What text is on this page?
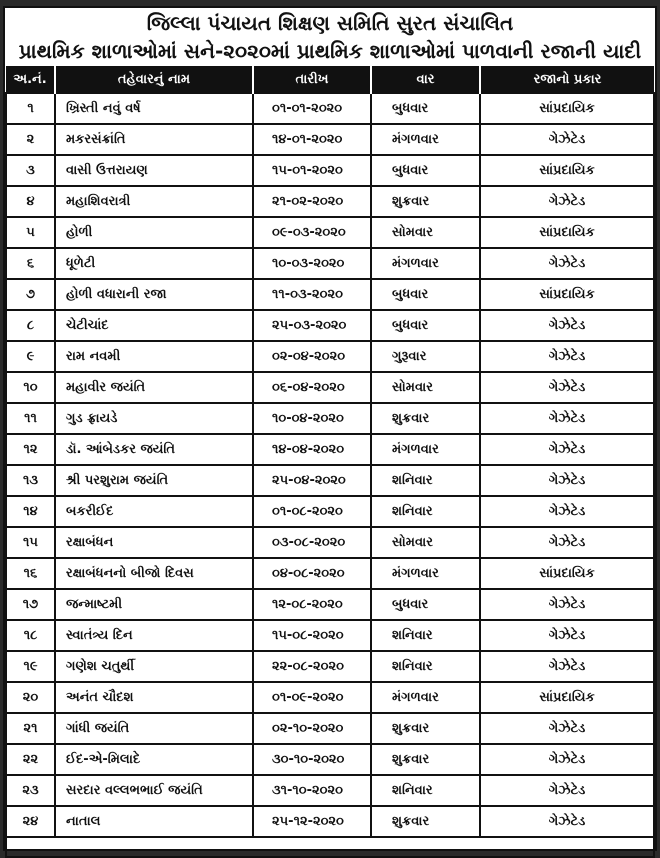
જિલ્લા પંચાયત શિક્ષણ સમિતિ સુરત સંચાલિત
પ્રાથમિક શાળાઓમાં સને-૨૦૨૦માં પ્રાથમિક શાળાઓમાં પાળવાની રજાની યાદી
અ.નં.	તહેવારનું નામ	તારીખ	વાર	રજાનો પ્રકાર
૧	ખ્રિસ્તી નવું વર્ષ	૦૧-૦૧-૨૦૨૦	બુધવાર	સાંપ્રદાયિક
૨	મકરસંક્રાંતિ	૧૪-૦૧-૨૦૨૦	મંગળવાર	ગેઝેટેડ
૩	વાસી ઉત્તરાયણ	૧૫-૦૧-૨૦૨૦	બુધવાર	સાંપ્રદાયિક
૪	મહાશિવરાત્રી	૨૧-૦૨-૨૦૨૦	શુક્રવાર	ગેઝેટેડ
૫	હોળી	૦૯-૦૩-૨૦૨૦	સોમવાર	સાંપ્રદાયિક
૬	ધૂળેટી	૧૦-૦૩-૨૦૨૦	મંગળવાર	ગેઝેટેડ
૭	હોળી વધારાની રજા	૧૧-૦૩-૨૦૨૦	બુધવાર	સાંપ્રદાયિક
૮	ચેટીચાંદ	૨૫-૦૩-૨૦૨૦	બુધવાર	ગેઝેટેડ
૯	રામ નવમી	૦૨-૦૪-૨૦૨૦	ગુરૂવાર	ગેઝેટેડ
૧૦	મહાવીર જયંતિ	૦૬-૦૪-૨૦૨૦	સોમવાર	ગેઝેટેડ
૧૧	ગુડ ફ્રાયડે	૧૦-૦૪-૨૦૨૦	શુક્રવાર	ગેઝેટેડ
૧૨	ડૉ. આંબેડકર જયંતિ	૧૪-૦૪-૨૦૨૦	મંગળવાર	ગેઝેટેડ
૧૩	શ્રી પરશુરામ જયંતિ	૨૫-૦૪-૨૦૨૦	શનિવાર	ગેઝેટેડ
૧૪	બકરીઈદ	૦૧-૦૮-૨૦૨૦	શનિવાર	ગેઝેટેડ
૧૫	રક્ષાબંધન	૦૩-૦૮-૨૦૨૦	સોમવાર	ગેઝેટેડ
૧૬	રક્ષાબંધનનો બીજો દિવસ	૦૪-૦૮-૨૦૨૦	મંગળવાર	સાંપ્રદાયિક
૧૭	જન્માષ્ટમી	૧૨-૦૮-૨૦૨૦	બુધવાર	ગેઝેટેડ
૧૮	સ્વાતંત્ર્ય દિન	૧૫-૦૮-૨૦૨૦	શનિવાર	ગેઝેટેડ
૧૯	ગણેશ ચતુર્થી	૨૨-૦૮-૨૦૨૦	શનિવાર	ગેઝેટેડ
૨૦	અનંત ચૌદશ	૦૧-૦૯-૨૦૨૦	મંગળવાર	સાંપ્રદાયિક
૨૧	ગાંધી જયંતિ	૦૨-૧૦-૨૦૨૦	શુક્રવાર	ગેઝેટેડ
૨૨	ઈદ-એ-મિલાદે	૩૦-૧૦-૨૦૨૦	શુક્રવાર	ગેઝેટેડ
૨૩	સરદાર વલ્લભભાઈ જયંતિ	૩૧-૧૦-૨૦૨૦	શનિવાર	ગેઝેટેડ
૨૪	નાતાલ	૨૫-૧૨-૨૦૨૦	શુક્રવાર	ગેઝેટેડ
